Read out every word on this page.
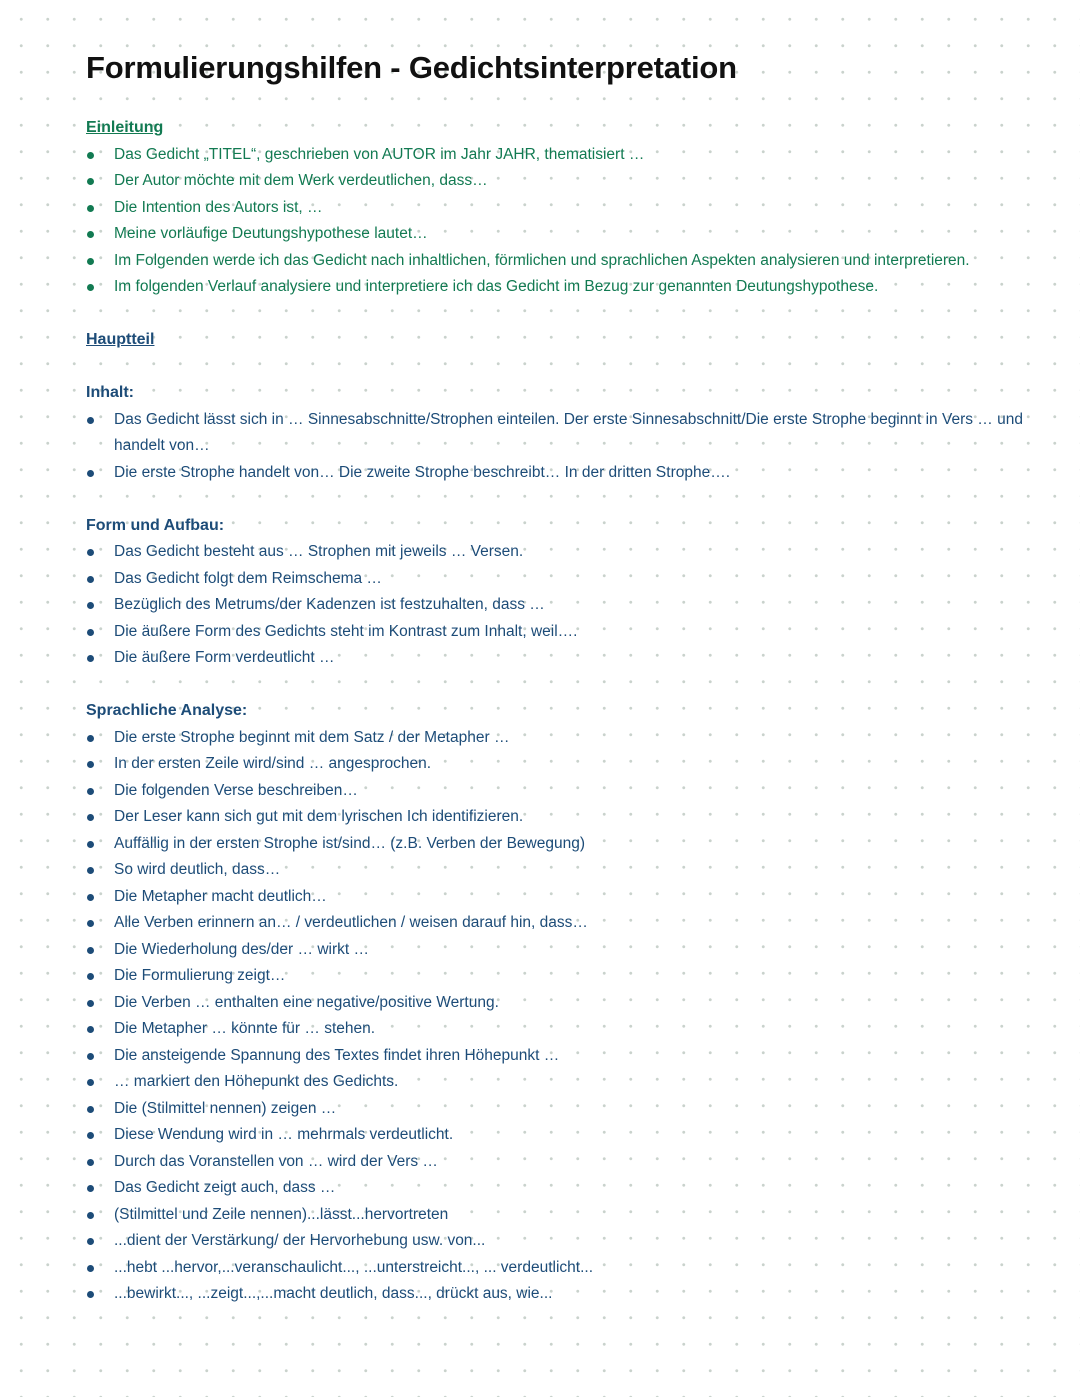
Formulierungshilfen - Gedichtsinterpretation
Einleitung
Das Gedicht „TITEL“, geschrieben von AUTOR im Jahr JAHR, thematisiert …
Der Autor möchte mit dem Werk verdeutlichen, dass…
Die Intention des Autors ist, …
Meine vorläufige Deutungshypothese lautet…
Im Folgenden werde ich das Gedicht nach inhaltlichen, förmlichen und sprachlichen Aspekten analysieren und interpretieren.
Im folgenden Verlauf analysiere und interpretiere ich das Gedicht im Bezug zur genannten Deutungshypothese.
Hauptteil
Inhalt:
Das Gedicht lässt sich in … Sinnesabschnitte/Strophen einteilen. Der erste Sinnesabschnitt/Die erste Strophe beginnt in Vers … und handelt von…
Die erste Strophe handelt von… Die zweite Strophe beschreibt… In der dritten Strophe….
Form und Aufbau:
Das Gedicht besteht aus … Strophen mit jeweils … Versen.
Das Gedicht folgt dem Reimschema …
Bezüglich des Metrums/der Kadenzen ist festzuhalten, dass …
Die äußere Form des Gedichts steht im Kontrast zum Inhalt, weil….
Die äußere Form verdeutlicht …
Sprachliche Analyse:
Die erste Strophe beginnt mit dem Satz / der Metapher …
In der ersten Zeile wird/sind … angesprochen.
Die folgenden Verse beschreiben…
Der Leser kann sich gut mit dem lyrischen Ich identifizieren.
Auffällig in der ersten Strophe ist/sind… (z.B. Verben der Bewegung)
So wird deutlich, dass…
Die Metapher macht deutlich…
Alle Verben erinnern an… / verdeutlichen / weisen darauf hin, dass…
Die Wiederholung des/der … wirkt …
Die Formulierung zeigt…
Die Verben … enthalten eine negative/positive Wertung.
Die Metapher … könnte für … stehen.
Die ansteigende Spannung des Textes findet ihren Höhepunkt …
… markiert den Höhepunkt des Gedichts.
Die (Stilmittel nennen) zeigen …
Diese Wendung wird in … mehrmals verdeutlicht.
Durch das Voranstellen von … wird der Vers …
Das Gedicht zeigt auch, dass …
(Stilmittel und Zeile nennen)...lässt...hervortreten
...dient der Verstärkung/ der Hervorhebung usw. von...
...hebt ...hervor,...veranschaulicht..., ...unterstreicht..., ... verdeutlicht...
...bewirkt..., ...zeigt...,...macht deutlich, dass..., drückt aus, wie...
